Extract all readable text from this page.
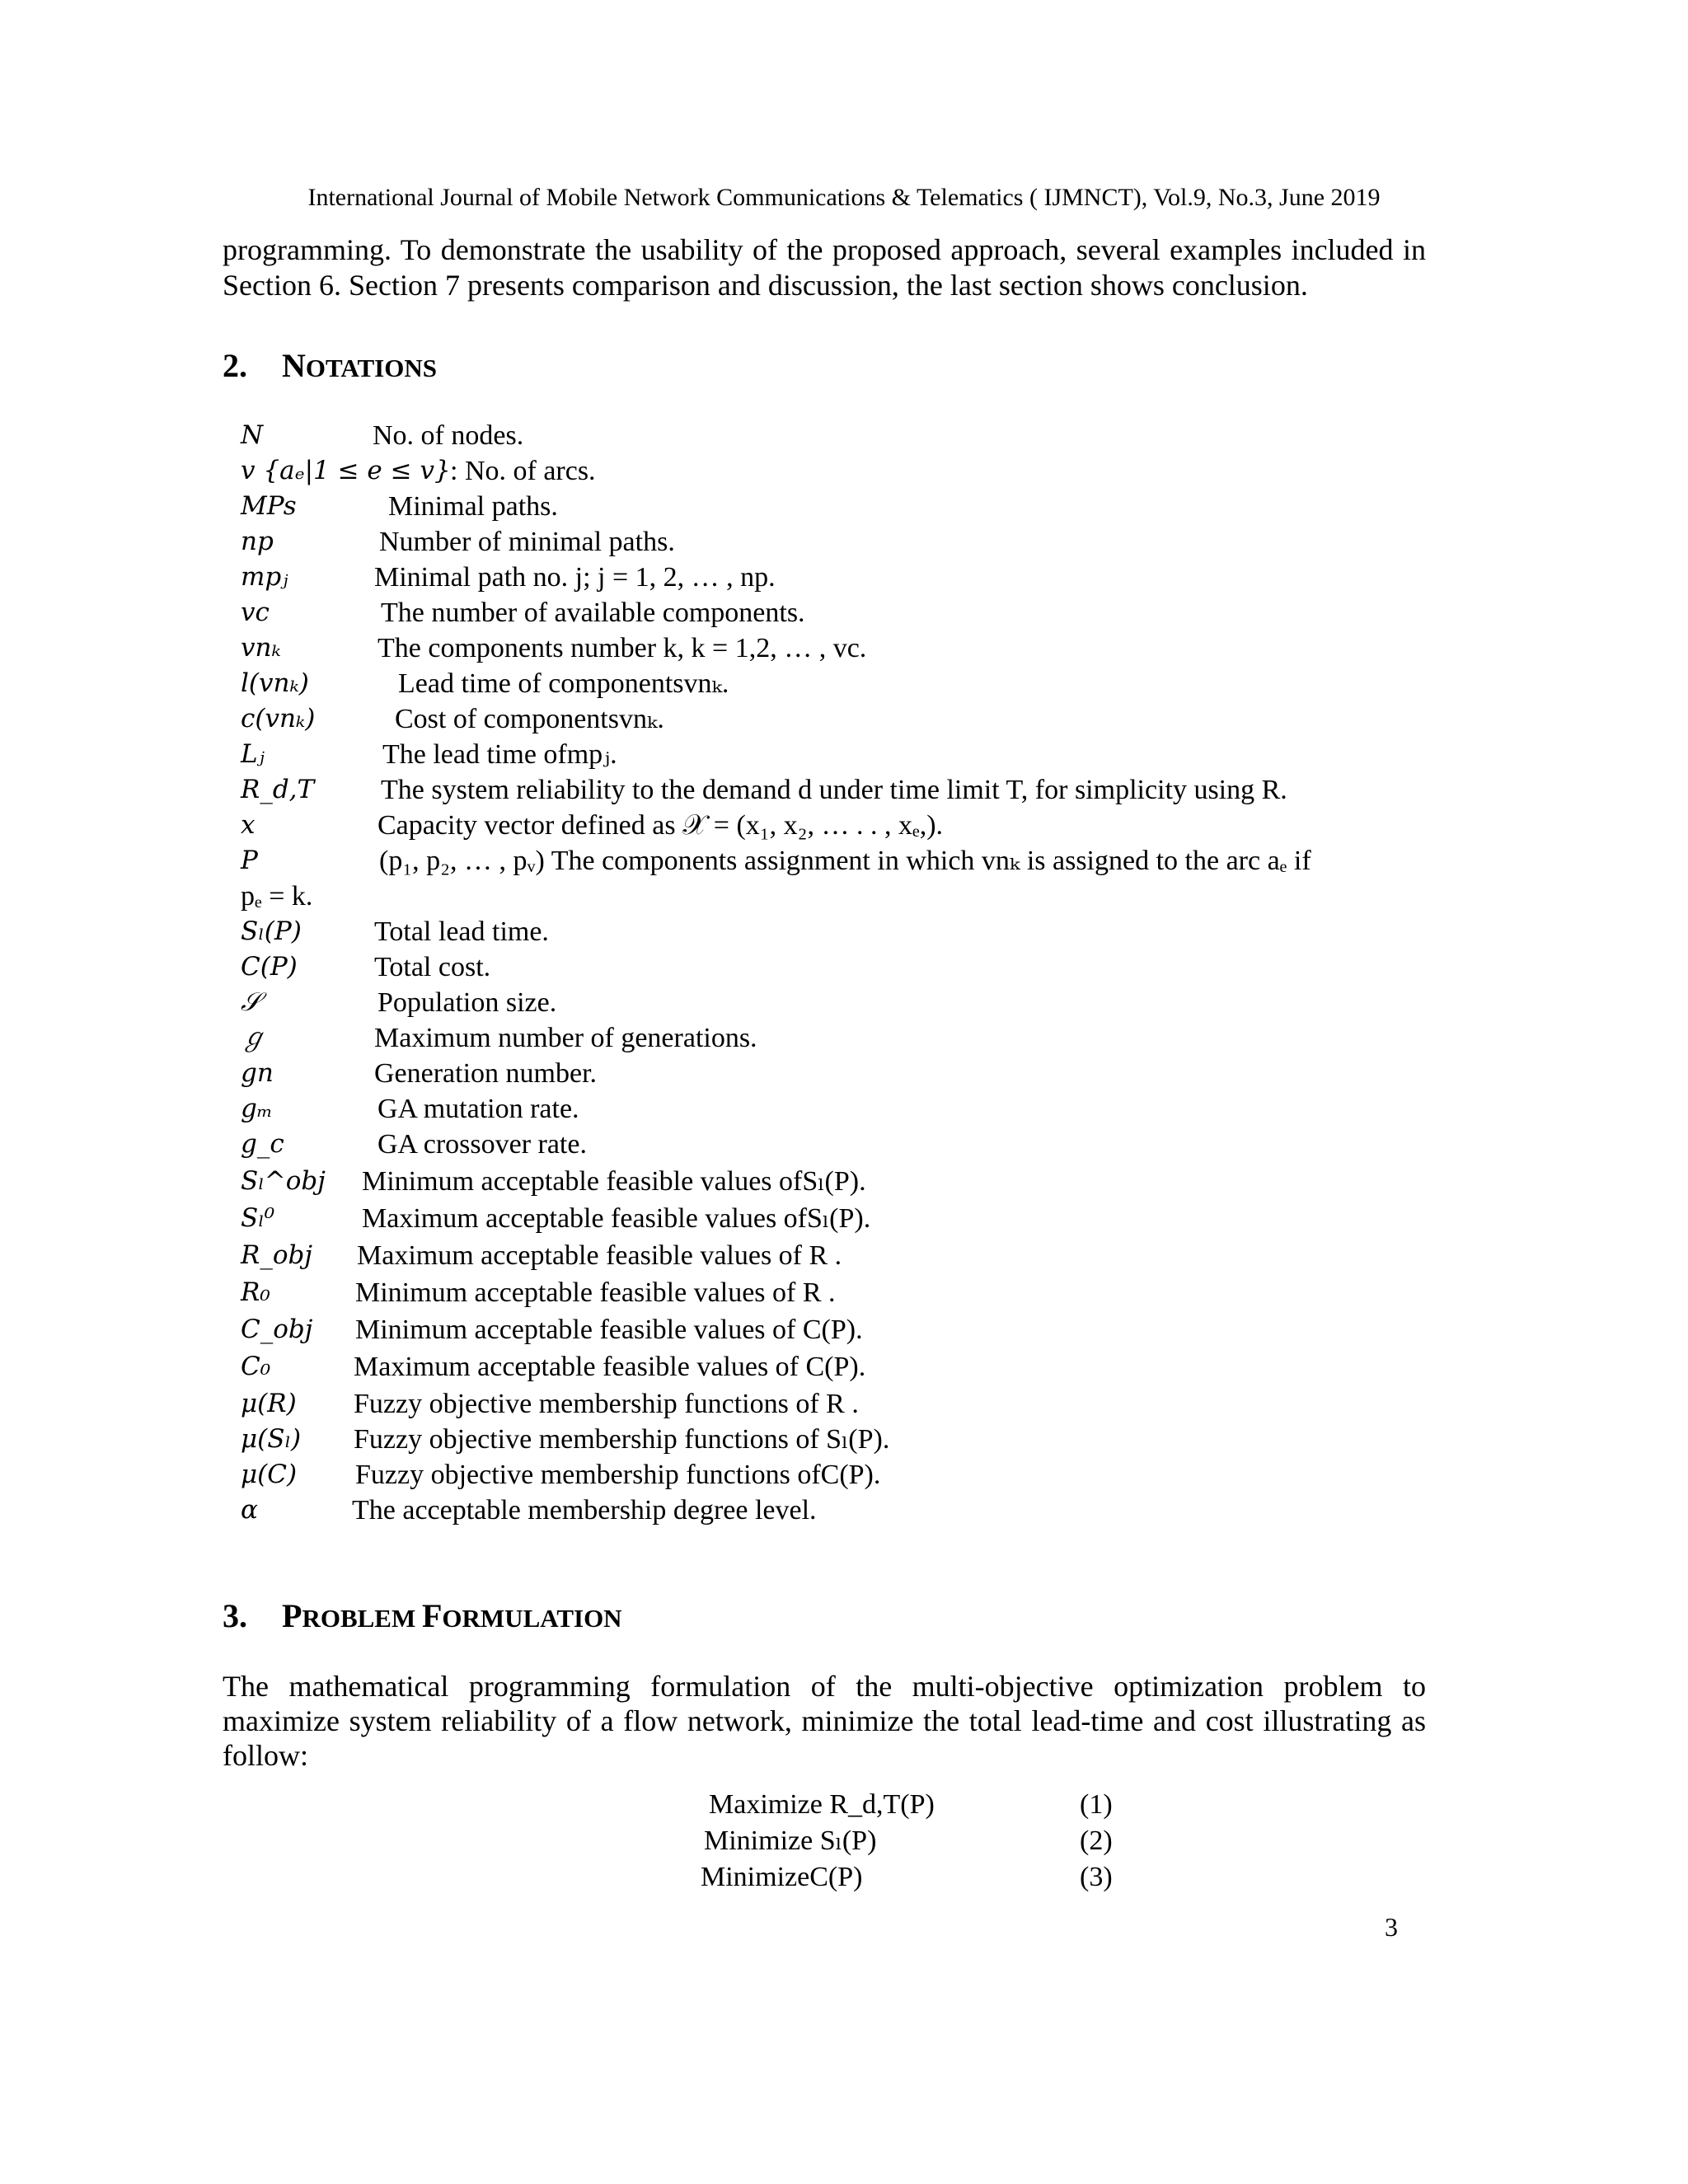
International Journal of Mobile Network Communications & Telematics ( IJMNCT), Vol.9, No.3, June 2019
programming. To demonstrate the usability of the proposed approach, several examples included in Section 6. Section 7 presents comparison and discussion, the last section shows conclusion.
2. NOTATIONS
N	No. of nodes.
v {aₑ|1 ≤ e ≤ v} : No. of arcs.
MPs	Minimal paths.
np	Number of minimal paths.
mpⱼ	Minimal path no. j; j = 1, 2, … , np.
vc	The number of available components.
vnₖ	The components number k, k = 1,2, … , vc.
l(vnₖ)	Lead time of componentsvnₖ.
c(vnₖ)	Cost of componentsvnₖ.
Lⱼ	The lead time ofmpⱼ.
R_d,T The system reliability to the demand d under time limit T, for simplicity using R.
x	Capacity vector defined as 𝒳 = (x₁, x₂, … . . , xₑ,).
P	(p₁, p₂, … , pᵥ) The components assignment in which vnₖ is assigned to the arc aₑ if
pₑ = k.
Sₗ(P)	Total lead time.
C(P)	Total cost.
𝒮	Population size.
ℊ	Maximum number of generations.
gn	Generation number.
gₘ	GA mutation rate.
g_c	GA crossover rate.
Sₗ^obj Minimum acceptable feasible values ofSₗ(P).
Sₗ⁰	Maximum acceptable feasible values ofSₗ(P).
R_obj Maximum acceptable feasible values of R .
R₀	Minimum acceptable feasible values of R .
C_obj Minimum acceptable feasible values of C(P).
C₀	Maximum acceptable feasible values of C(P).
μ(R) Fuzzy objective membership functions of R .
μ(Sₗ) Fuzzy objective membership functions of Sₗ(P).
μ(C) Fuzzy objective membership functions ofC(P).
α	The acceptable membership degree level.
3. PROBLEM FORMULATION
The mathematical programming formulation of the multi-objective optimization problem to maximize system reliability of a flow network, minimize the total lead-time and cost illustrating as follow:
Maximize R_d,T(P)	(1)
Minimize Sₗ(P)	(2)
MinimizeC(P)	(3)
3
